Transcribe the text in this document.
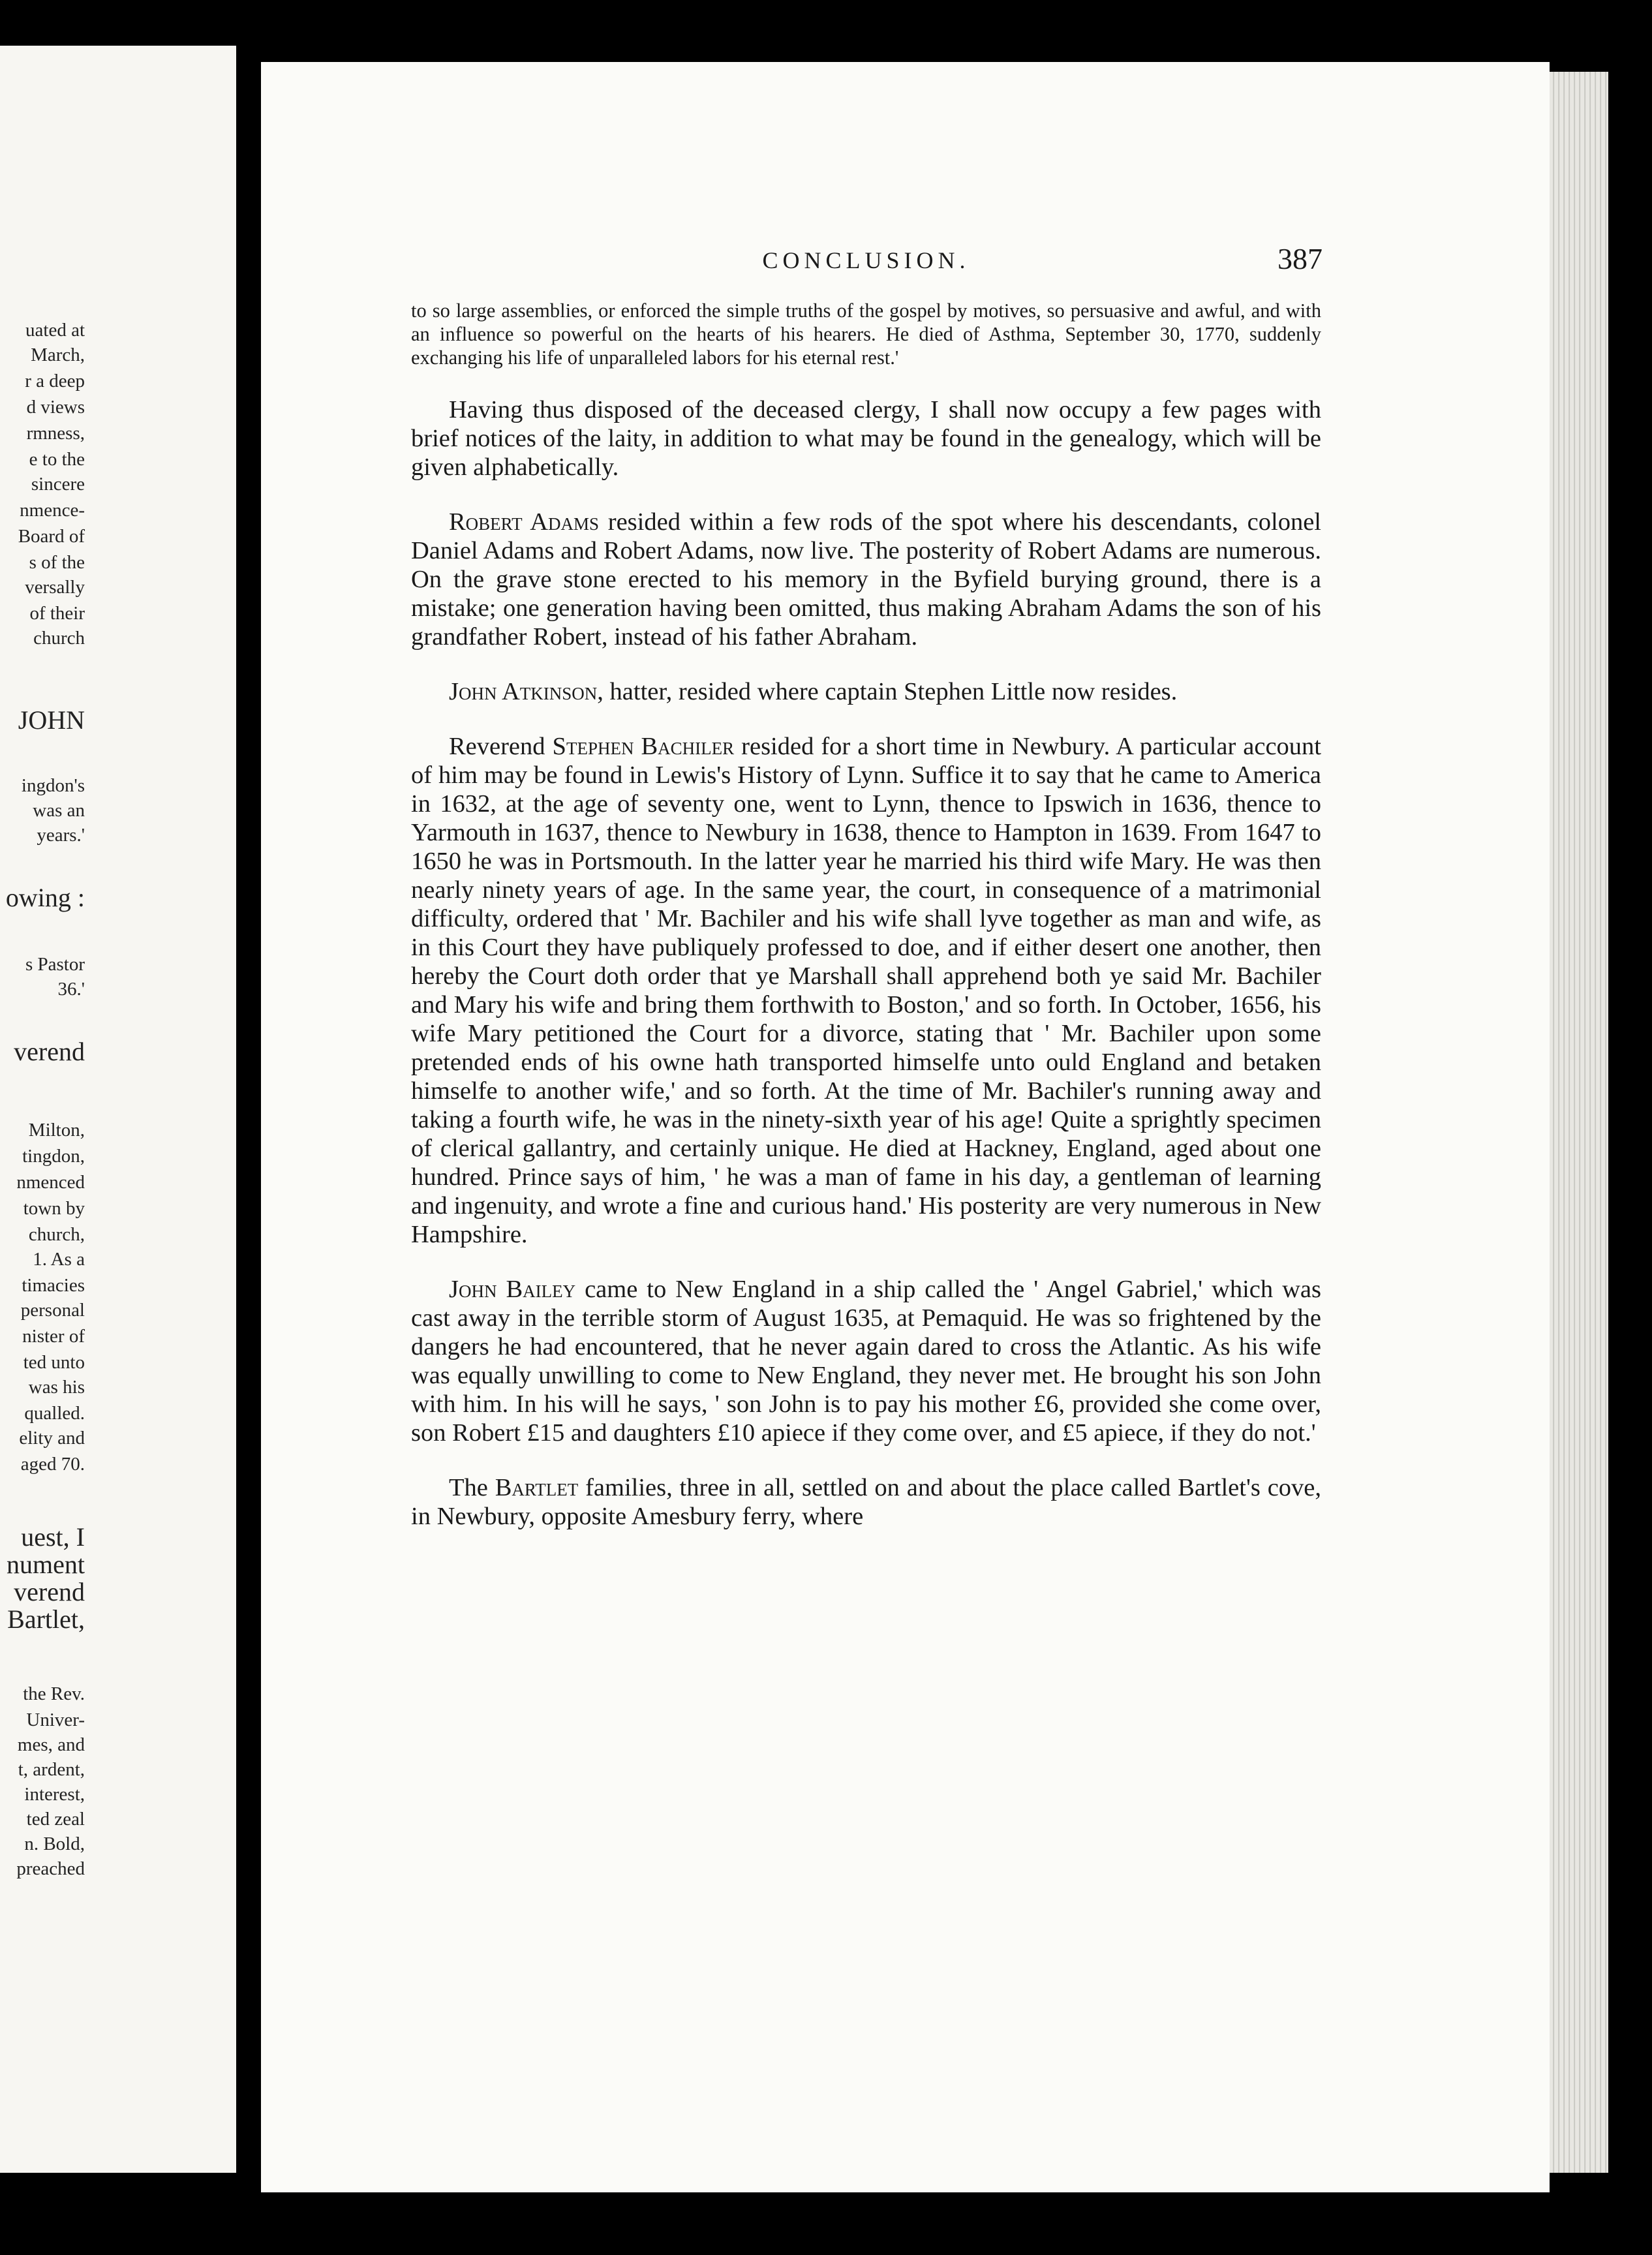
uated at
March,
r a deep
d views
rmness,
e to the
sincere
nmence-
Board of
s of the
versally
of their
church
JOHN
ingdon's
was an
years.'
owing :
s Pastor
36.'
verend
Milton,
tingdon,
nmenced
town by
church,
1. As a
timacies
personal
nister of
ted unto
was his
qualled.
elity and
aged 70.
uest, I
nument
verend
Bartlet,
the Rev.
Univer-
mes, and
t, ardent,
interest,
ted zeal
n. Bold,
preached
CONCLUSION.	387
to so large assemblies, or enforced the simple truths of the gospel by motives, so persuasive and awful, and with an influence so powerful on the hearts of his hearers. He died of Asthma, September 30, 1770, suddenly exchanging his life of unparalleled labors for his eternal rest.'

Having thus disposed of the deceased clergy, I shall now occupy a few pages with brief notices of the laity, in addition to what may be found in the genealogy, which will be given alphabetically.

Robert Adams resided within a few rods of the spot where his descendants, colonel Daniel Adams and Robert Adams, now live. The posterity of Robert Adams are numerous. On the grave stone erected to his memory in the Byfield burying ground, there is a mistake; one generation having been omitted, thus making Abraham Adams the son of his grandfather Robert, instead of his father Abraham.

John Atkinson, hatter, resided where captain Stephen Little now resides.

Reverend Stephen Bachiler resided for a short time in Newbury. A particular account of him may be found in Lewis's History of Lynn. Suffice it to say that he came to America in 1632, at the age of seventy one, went to Lynn, thence to Ipswich in 1636, thence to Yarmouth in 1637, thence to Newbury in 1638, thence to Hampton in 1639. From 1647 to 1650 he was in Portsmouth. In the latter year he married his third wife Mary. He was then nearly ninety years of age. In the same year, the court, in consequence of a matrimonial difficulty, ordered that ' Mr. Bachiler and his wife shall lyve together as man and wife, as in this Court they have publiquely professed to doe, and if either desert one another, then hereby the Court doth order that ye Marshall shall apprehend both ye said Mr. Bachiler and Mary his wife and bring them forthwith to Boston,' and so forth. In October, 1656, his wife Mary petitioned the Court for a divorce, stating that ' Mr. Bachiler upon some pretended ends of his owne hath transported himselfe unto ould England and betaken himselfe to another wife,' and so forth. At the time of Mr. Bachiler's running away and taking a fourth wife, he was in the ninety-sixth year of his age! Quite a sprightly specimen of clerical gallantry, and certainly unique. He died at Hackney, England, aged about one hundred. Prince says of him, ' he was a man of fame in his day, a gentleman of learning and ingenuity, and wrote a fine and curious hand.' His posterity are very numerous in New Hampshire.

John Bailey came to New England in a ship called the ' Angel Gabriel,' which was cast away in the terrible storm of August 1635, at Pemaquid. He was so frightened by the dangers he had encountered, that he never again dared to cross the Atlantic. As his wife was equally unwilling to come to New England, they never met. He brought his son John with him. In his will he says, ' son John is to pay his mother £6, provided she come over, son Robert £15 and daughters £10 apiece if they come over, and £5 apiece, if they do not.'

The Bartlet families, three in all, settled on and about the place called Bartlet's cove, in Newbury, opposite Amesbury ferry, where
